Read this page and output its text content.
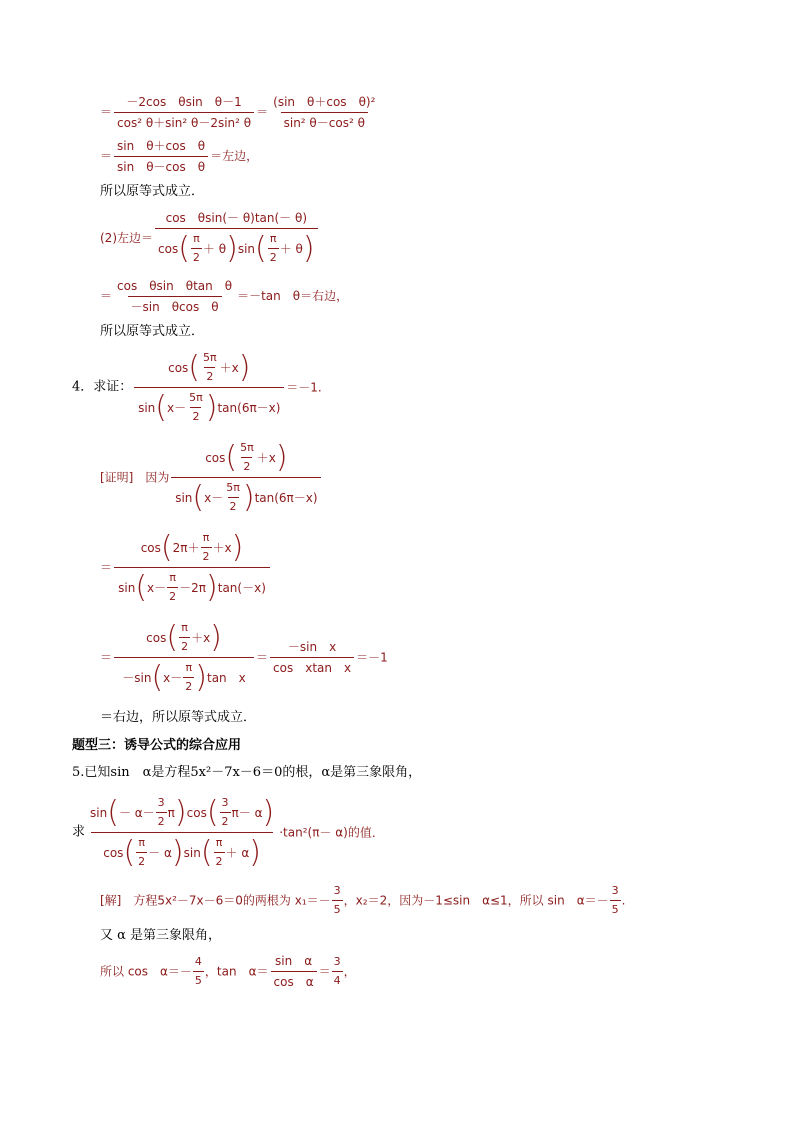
＝ $\frac{\text{－2cos　θsin　θ－1}}{\text{cos² θ＋sin² θ－2sin² θ}} = \frac{\text{(sin　θ＋cos　θ)²}}{\text{sin² θ－cos² θ}}$
＝ $\frac{\text{sin　θ＋cos　θ}}{\text{sin　θ－cos　θ}}$ ＝左边，
所以原等式成立．
(2)左边＝ $\frac{\text{cos　θsin(－ θ)tan(－ θ)}}{\cos ( \frac{\pi}{2} + \theta ) \sin ( \frac{\pi}{2} + \theta )}$
＝ $\frac{\text{cos　θsin　θtan　θ}}{\text{－sin　θcos　θ}} =-\tan$　θ＝右边，
所以原等式成立．
4．求证： $\frac{\cos ( \frac{5\pi}{2} +x )}{\sin ( x- \frac{5\pi}{2} ) \tan(6\pi-x)} =-1$.
[证明]　因为 $\frac{\cos ( \frac{5\pi}{2} +x )}{\sin ( x- \frac{5\pi}{2} ) \tan(6\pi-x)}$
＝ $\frac{\cos ( 2\pi+ \frac{\pi}{2} +x )}{\sin ( x- \frac{\pi}{2} -2\pi ) \tan(-x)}$
＝ $\frac{\cos ( \frac{\pi}{2} +x )}{-\sin ( x- \frac{\pi}{2} ) \tan x} = \frac{\text{－sin　x}}{\text{cos　xtan　x}} =-1$
＝右边，所以原等式成立．
题型三：诱导公式的综合应用
5.已知sin　α是方程5x²－7x－6＝0的根，α是第三象限角，
求 $\frac{\sin ( - \alpha- \frac{3}{2} \pi ) \cos ( \frac{3}{2} \pi- \alpha )}{\cos ( \frac{\pi}{2} - \alpha ) \sin ( \frac{\pi}{2} + \alpha )} \cdot\tan^2(\pi- \alpha)$的值．
[解]　方程5x²－7x－6＝0的两根为 $x_1=- \frac{3}{5}$ ，x₂＝2，因为－1≤sin　α≤1，所以 sin　$\alpha=- \frac{3}{5}$ .
又 α 是第三象限角，
所以 cos　$\alpha=- \frac{4}{5}$ ，tan　$\alpha= \frac{\text{sin　α}}{\text{cos　α}} = \frac{3}{4}$ ，
